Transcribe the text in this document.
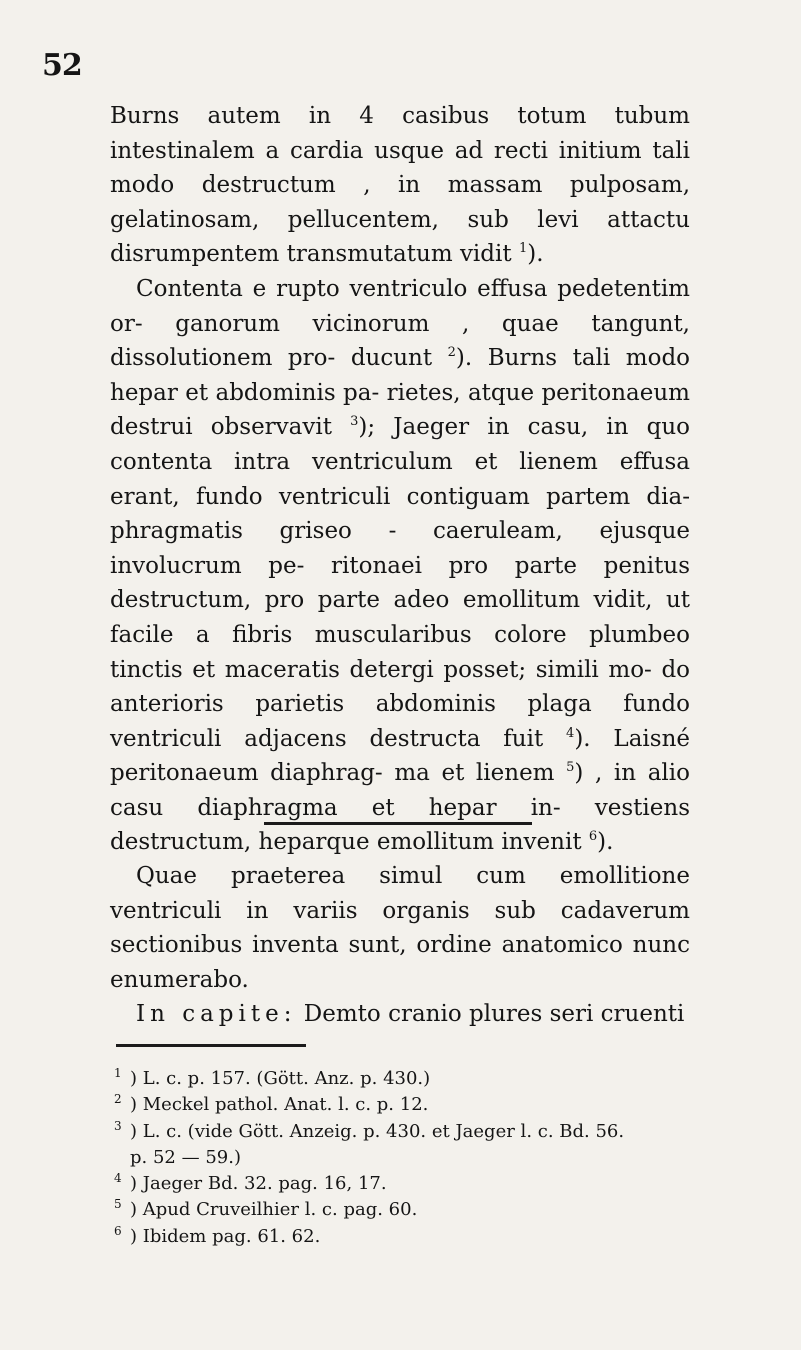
52

Burns autem in 4 casibus totum tubum intestinalem a cardia usque ad recti initium tali modo destructum , in massam pulposam, gelatinosam, pellucentem, sub levi attactu disrumpentem transmutatum vidit $^1$).

Contenta e rupto ventriculo effusa pedetentim or- ganorum vicinorum , quae tangunt, dissolutionem pro- ducunt $^2$). Burns tali modo hepar et abdominis pa- rietes, atque peritonaeum destrui observavit $^3$); Jaeger in casu, in quo contenta intra ventriculum et lienem effusa erant, fundo ventriculi contiguam partem dia- phragmatis griseo - caeruleam, ejusque involucrum pe- ritonaei pro parte penitus destructum, pro parte adeo emollitum vidit, ut facile a fibris muscularibus colore plumbeo tinctis et maceratis detergi posset; simili mo- do anterioris parietis abdominis plaga fundo ventriculi adjacens destructa fuit $^4$). Laisné peritonaeum diaphrag- ma et lienem $^5$) , in alio casu diaphragma et hepar in- vestiens destructum, heparque emollitum invenit $^6$).

Quae praeterea simul cum emollitione ventriculi in variis organis sub cadaverum sectionibus inventa sunt, ordine anatomico nunc enumerabo.

In capite: Demto cranio plures seri cruenti

1 ) L. c. p. 157. (Gött. Anz. p. 430.)
2 ) Meckel pathol. Anat. l. c. p. 12.
3 ) L. c. (vide Gött. Anzeig. p. 430. et Jaeger l. c. Bd. 56.
p. 52 — 59.)
4 ) Jaeger Bd. 32. pag. 16, 17.
5 ) Apud Cruveilhier l. c. pag. 60.
6 ) Ibidem pag. 61. 62.
